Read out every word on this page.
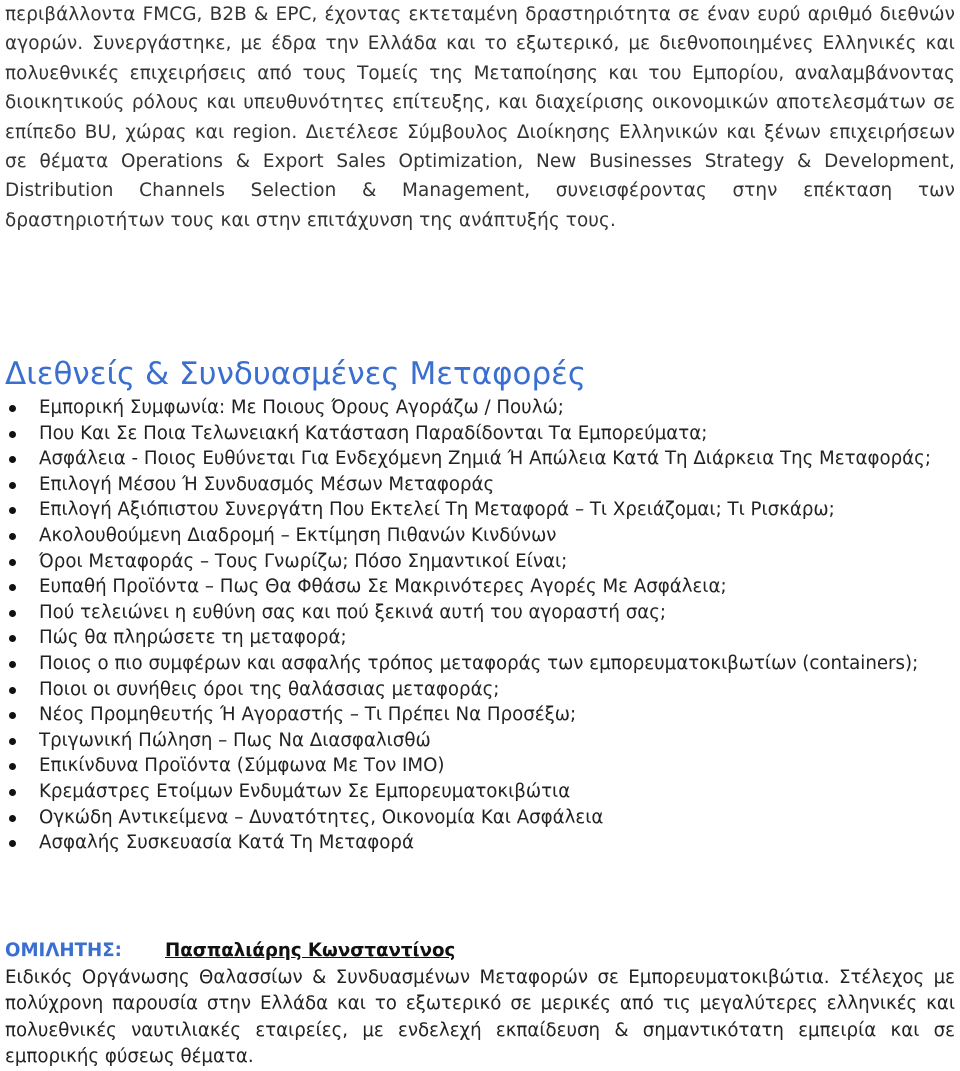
περιβάλλοντα FMCG, B2B & EPC, έχοντας εκτεταμένη δραστηριότητα σε έναν ευρύ αριθμό διεθνών αγορών. Συνεργάστηκε, με έδρα την Ελλάδα και το εξωτερικό, με διεθνοποιημένες Ελληνικές και πολυεθνικές επιχειρήσεις από τους Τομείς της Μεταποίησης και του Εμπορίου, αναλαμβάνοντας διοικητικούς ρόλους και υπευθυνότητες επίτευξης, και διαχείρισης οικονομικών αποτελεσμάτων σε επίπεδο BU, χώρας και region. Διετέλεσε Σύμβουλος Διοίκησης Ελληνικών και ξένων επιχειρήσεων σε θέματα Operations & Export Sales Optimization, New Businesses Strategy & Development, Distribution Channels Selection & Management, συνεισφέροντας στην επέκταση των δραστηριοτήτων τους και στην επιτάχυνση της ανάπτυξής τους.

Διεθνείς & Συνδυασμένες Μεταφορές
Εμπορική Συμφωνία: Με Ποιους Όρους Αγοράζω / Πουλώ;
Που Και Σε Ποια Τελωνειακή Κατάσταση Παραδίδονται Τα Εμπορεύματα;
Ασφάλεια - Ποιος Ευθύνεται Για Ενδεχόμενη Ζημιά Ή Απώλεια Κατά Τη Διάρκεια Της Μεταφοράς;
Επιλογή Μέσου Ή Συνδυασμός Μέσων Μεταφοράς
Επιλογή Αξιόπιστου Συνεργάτη Που Εκτελεί Τη Μεταφορά – Τι Χρειάζομαι; Τι Ρισκάρω;
Ακολουθούμενη Διαδρομή – Εκτίμηση Πιθανών Κινδύνων
Όροι Μεταφοράς – Τους Γνωρίζω; Πόσο Σημαντικοί Είναι;
Ευπαθή Προϊόντα – Πως Θα Φθάσω Σε Μακρινότερες Αγορές Με Ασφάλεια;
Πού τελειώνει η ευθύνη σας και πού ξεκινά αυτή του αγοραστή σας;
Πώς θα πληρώσετε τη μεταφορά;
Ποιος ο πιο συμφέρων και ασφαλής τρόπος μεταφοράς των εμπορευματοκιβωτίων (containers);
Ποιοι οι συνήθεις όροι της θαλάσσιας μεταφοράς;
Νέος Προμηθευτής Ή Αγοραστής – Τι Πρέπει Να Προσέξω;
Τριγωνική Πώληση – Πως Να Διασφαλισθώ
Επικίνδυνα Προϊόντα (Σύμφωνα Με Τον IMO)
Κρεμάστρες Ετοίμων Ενδυμάτων Σε Εμπορευματοκιβώτια
Ογκώδη Αντικείμενα – Δυνατότητες, Οικονομία Και Ασφάλεια
Ασφαλής Συσκευασία Κατά Τη Μεταφορά
ΟΜΙΛΗΤΗΣ: Πασπαλιάρης Κωνσταντίνος

Ειδικός Οργάνωσης Θαλασσίων & Συνδυασμένων Μεταφορών σε Εμπορευματοκιβώτια. Στέλεχος με πολύχρονη παρουσία στην Ελλάδα και το εξωτερικό σε μερικές από τις μεγαλύτερες ελληνικές και πολυεθνικές ναυτιλιακές εταιρείες, με ενδελεχή εκπαίδευση & σημαντικότατη εμπειρία και σε εμπορικής φύσεως θέματα.
